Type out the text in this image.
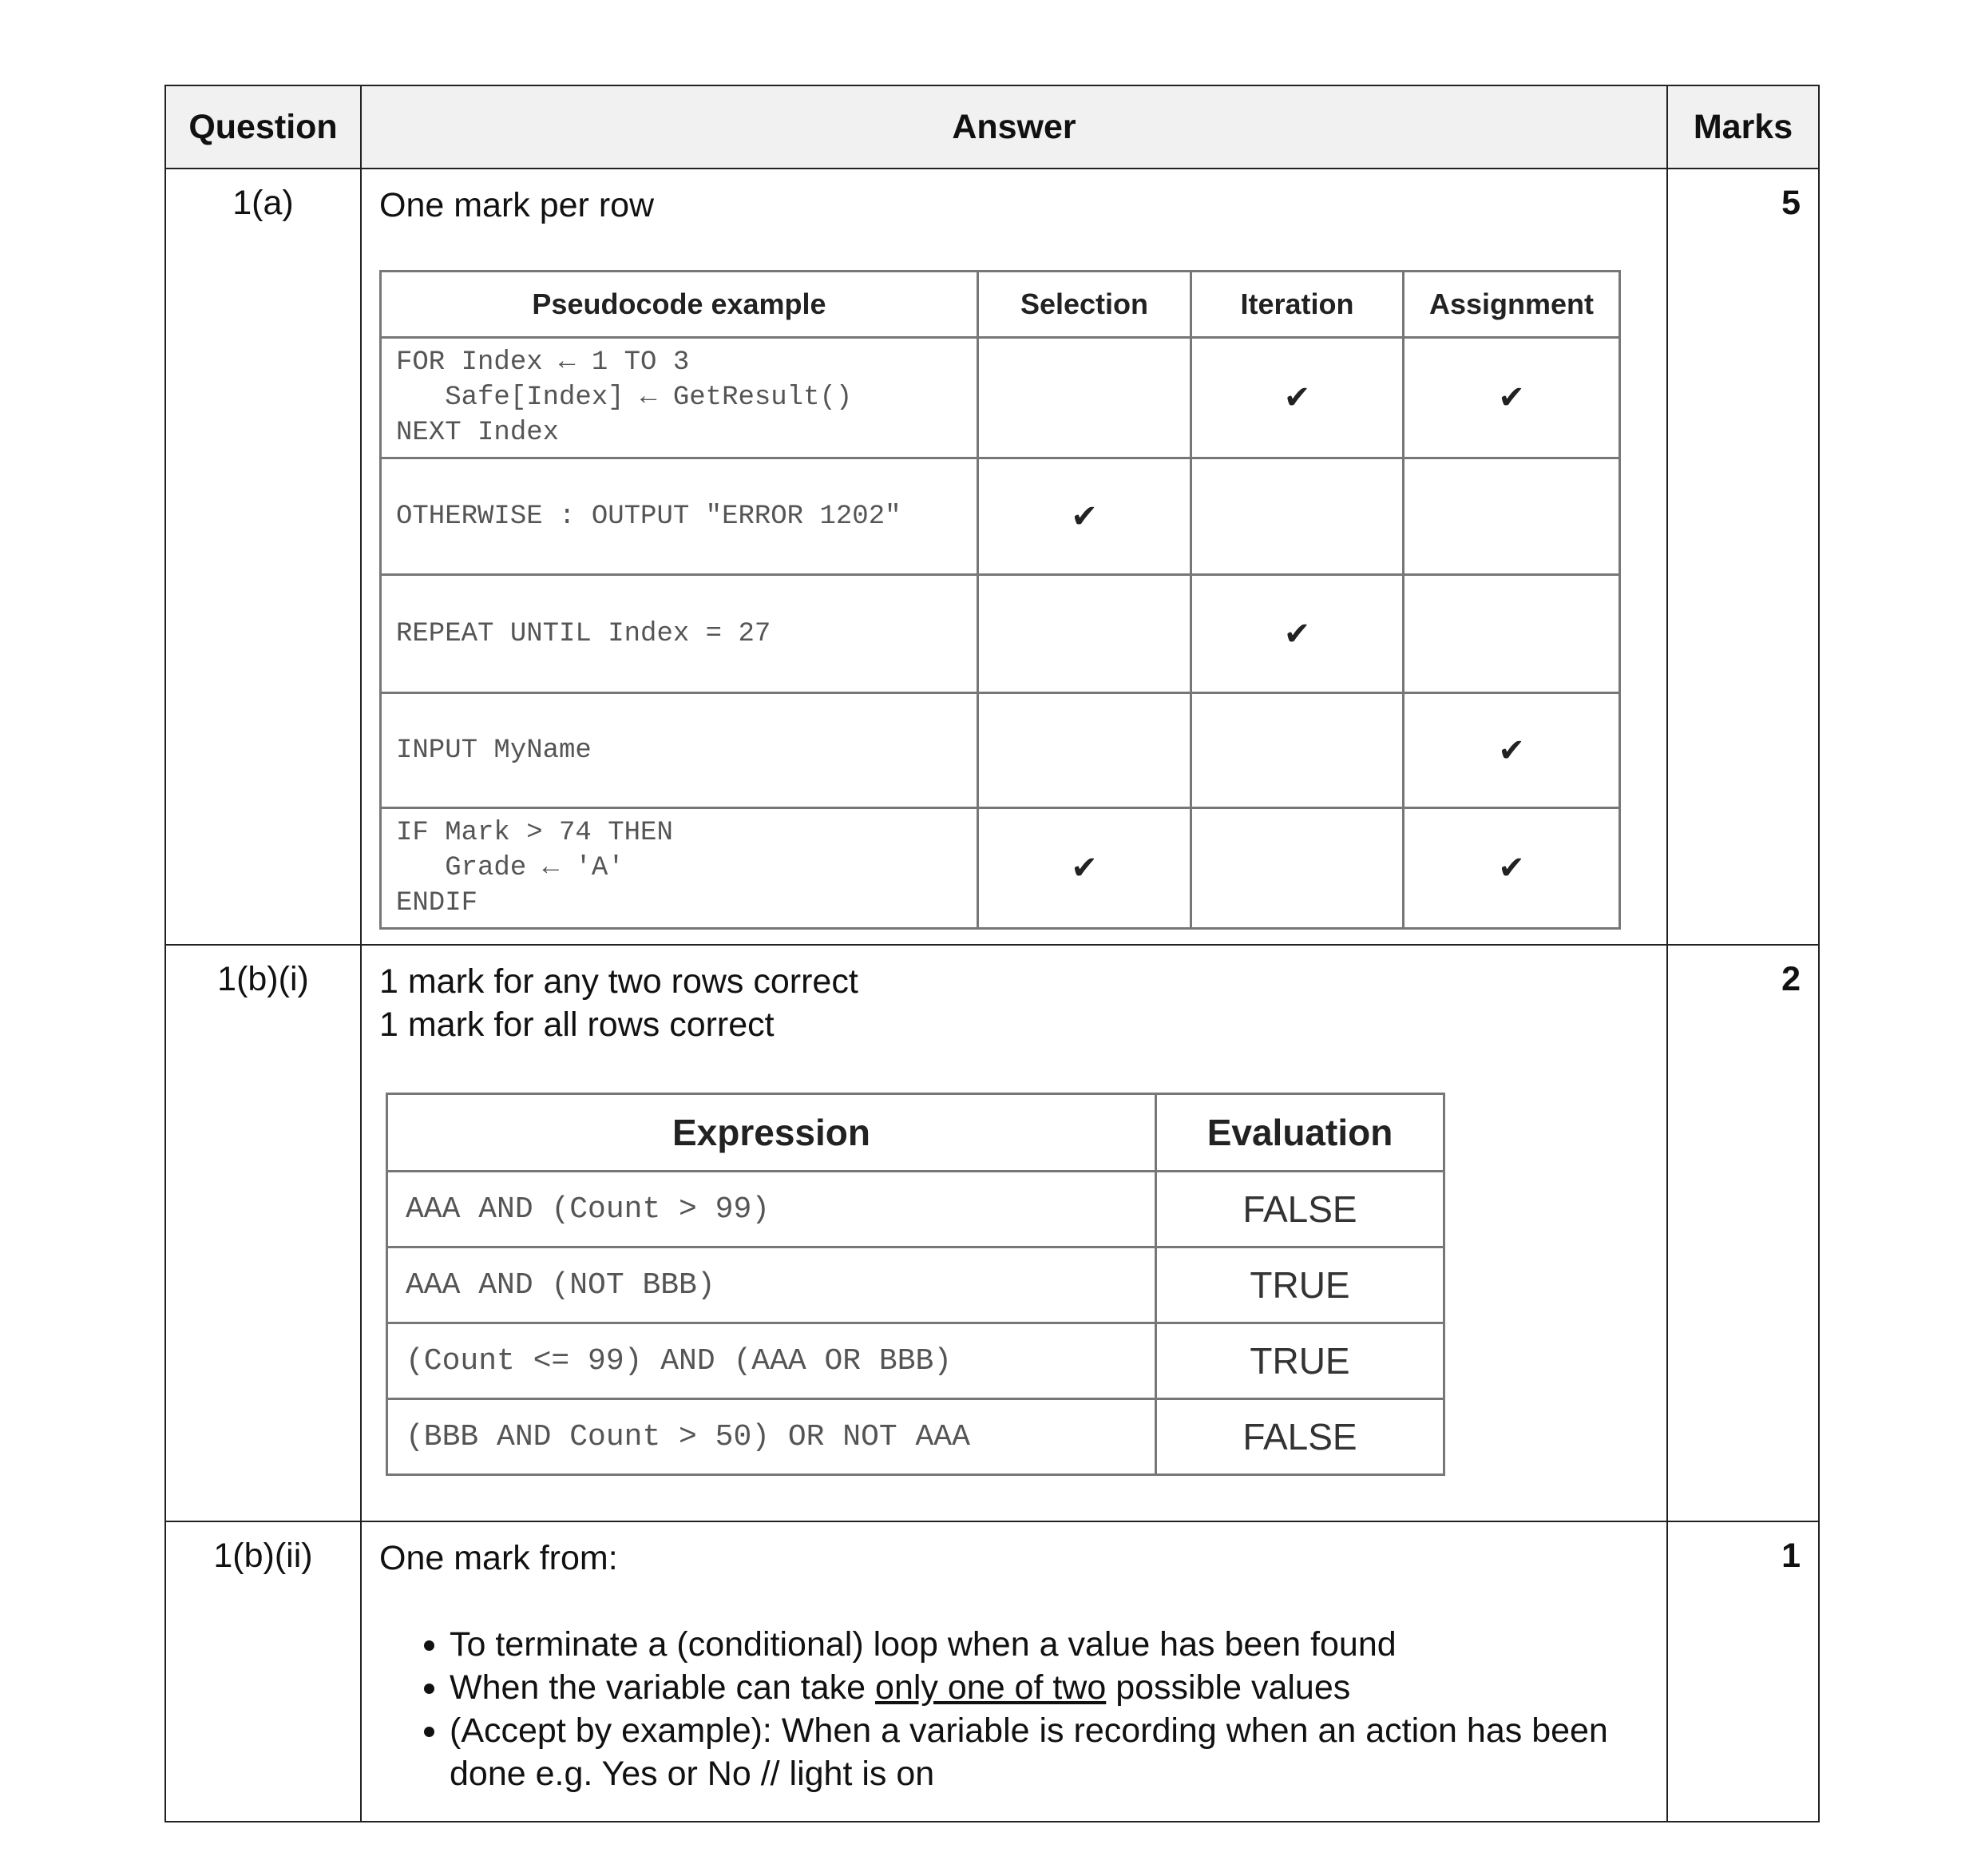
Question	Answer	Marks
1(a)	One mark per row
Pseudocode example	Selection	Iteration	Assignment
FOR Index ← 1 TO 3
Safe[Index] ← GetResult()
NEXT Index		✔	✔
OTHERWISE : OUTPUT "ERROR 1202"	✔		
REPEAT UNTIL Index = 27		✔	
INPUT MyName			✔
IF Mark > 74 THEN
Grade ← 'A'
ENDIF	✔		✔
	5
1(b)(i)	1 mark for any two rows correct
1 mark for all rows correct
Expression	Evaluation
AAA AND (Count > 99)	FALSE
AAA AND (NOT BBB)	TRUE
(Count <= 99) AND (AAA OR BBB)	TRUE
(BBB AND Count > 50) OR NOT AAA	FALSE
	2
1(b)(ii)	One mark from:
• To terminate a (conditional) loop when a value has been found
• When the variable can take only one of two possible values
• (Accept by example): When a variable is recording when an action has been done e.g. Yes or No // light is on
	1
